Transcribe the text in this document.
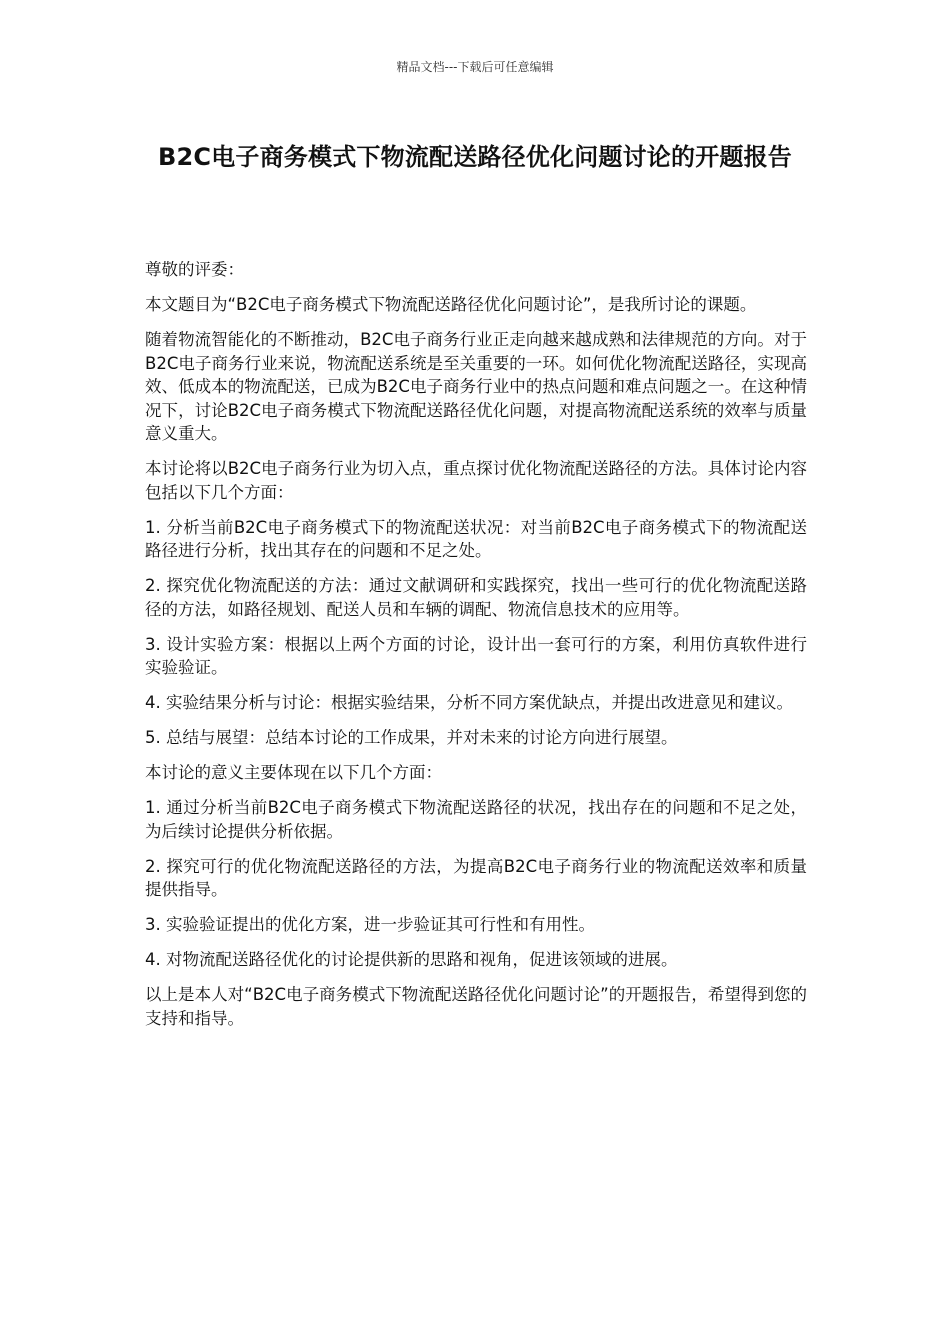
精品文档---下载后可任意编辑
B2C电子商务模式下物流配送路径优化问题讨论的开题报告

尊敬的评委：

本文题目为“B2C电子商务模式下物流配送路径优化问题讨论”，是我所讨论的课题。

随着物流智能化的不断推动，B2C电子商务行业正走向越来越成熟和法律规范的方向。对于B2C电子商务行业来说，物流配送系统是至关重要的一环。如何优化物流配送路径，实现高效、低成本的物流配送，已成为B2C电子商务行业中的热点问题和难点问题之一。在这种情况下，讨论B2C电子商务模式下物流配送路径优化问题，对提高物流配送系统的效率与质量意义重大。

本讨论将以B2C电子商务行业为切入点，重点探讨优化物流配送路径的方法。具体讨论内容包括以下几个方面：

1. 分析当前B2C电子商务模式下的物流配送状况：对当前B2C电子商务模式下的物流配送路径进行分析，找出其存在的问题和不足之处。

2. 探究优化物流配送的方法：通过文献调研和实践探究，找出一些可行的优化物流配送路径的方法，如路径规划、配送人员和车辆的调配、物流信息技术的应用等。

3. 设计实验方案：根据以上两个方面的讨论，设计出一套可行的方案，利用仿真软件进行实验验证。

4. 实验结果分析与讨论：根据实验结果，分析不同方案优缺点，并提出改进意见和建议。

5. 总结与展望：总结本讨论的工作成果，并对未来的讨论方向进行展望。

本讨论的意义主要体现在以下几个方面：

1. 通过分析当前B2C电子商务模式下物流配送路径的状况，找出存在的问题和不足之处，为后续讨论提供分析依据。

2. 探究可行的优化物流配送路径的方法，为提高B2C电子商务行业的物流配送效率和质量提供指导。

3. 实验验证提出的优化方案，进一步验证其可行性和有用性。

4. 对物流配送路径优化的讨论提供新的思路和视角，促进该领域的进展。

以上是本人对“B2C电子商务模式下物流配送路径优化问题讨论”的开题报告，希望得到您的支持和指导。
